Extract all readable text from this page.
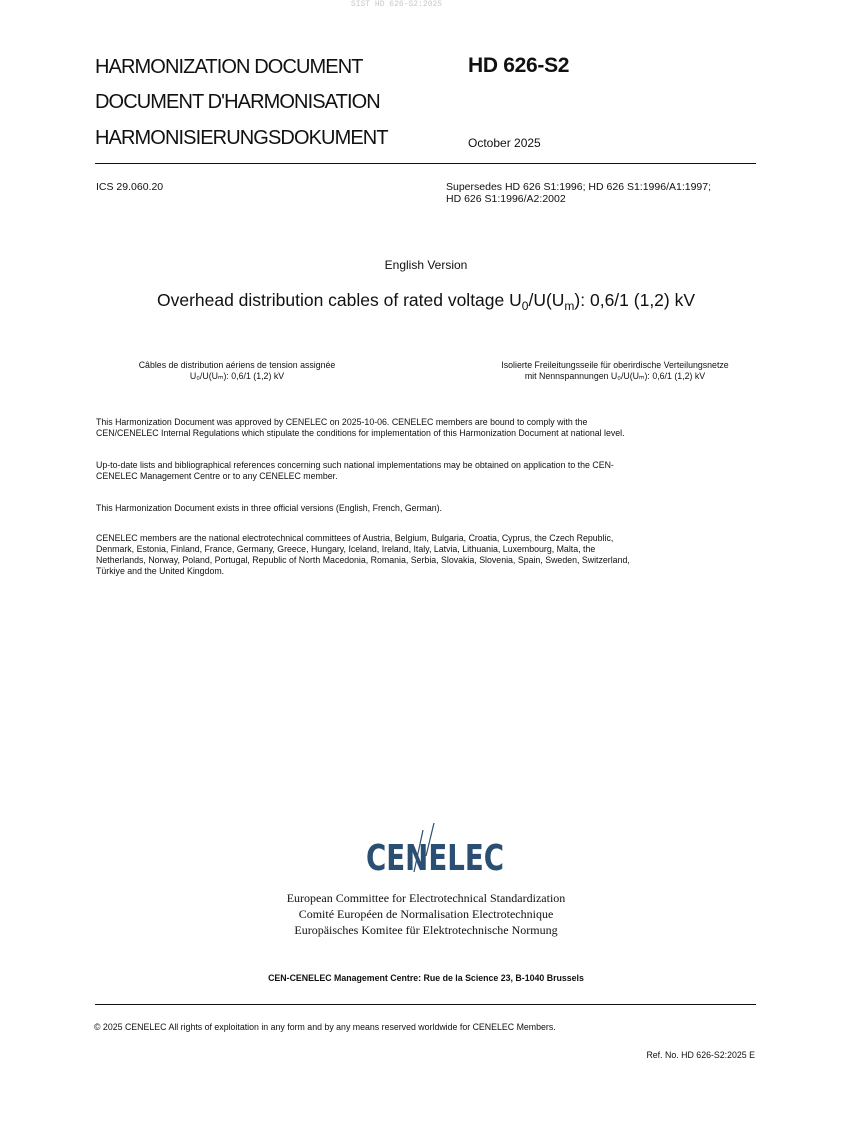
SIST HD 626-S2:2025
HARMONIZATION DOCUMENT
DOCUMENT D'HARMONISATION
HARMONISIERUNGSDOKUMENT
HD 626-S2
October 2025
ICS 29.060.20	Supersedes HD 626 S1:1996; HD 626 S1:1996/A1:1997;
HD 626 S1:1996/A2:2002
English Version
Overhead distribution cables of rated voltage $U_0/U(U_m)$: 0,6/1 (1,2) kV
Câbles de distribution aériens de tension assignée
U₀/U(Uₘ): 0,6/1 (1,2) kV
Isolierte Freileitungsseile für oberirdische Verteilungsnetze
mit Nennspannungen U₀/U(Uₘ): 0,6/1 (1,2) kV
This Harmonization Document was approved by CENELEC on 2025-10-06. CENELEC members are bound to comply with the
CEN/CENELEC Internal Regulations which stipulate the conditions for implementation of this Harmonization Document at national level.
Up-to-date lists and bibliographical references concerning such national implementations may be obtained on application to the CEN-
CENELEC Management Centre or to any CENELEC member.
This Harmonization Document exists in three official versions (English, French, German).
CENELEC members are the national electrotechnical committees of Austria, Belgium, Bulgaria, Croatia, Cyprus, the Czech Republic,
Denmark, Estonia, Finland, France, Germany, Greece, Hungary, Iceland, Ireland, Italy, Latvia, Lithuania, Luxembourg, Malta, the
Netherlands, Norway, Poland, Portugal, Republic of North Macedonia, Romania, Serbia, Slovakia, Slovenia, Spain, Sweden, Switzerland,
Türkiye and the United Kingdom.
CENELEC
European Committee for Electrotechnical Standardization
Comité Européen de Normalisation Electrotechnique
Europäisches Komitee für Elektrotechnische Normung
CEN-CENELEC Management Centre: Rue de la Science 23, B-1040 Brussels
© 2025 CENELEC All rights of exploitation in any form and by any means reserved worldwide for CENELEC Members.
Ref. No. HD 626-S2:2025 E
